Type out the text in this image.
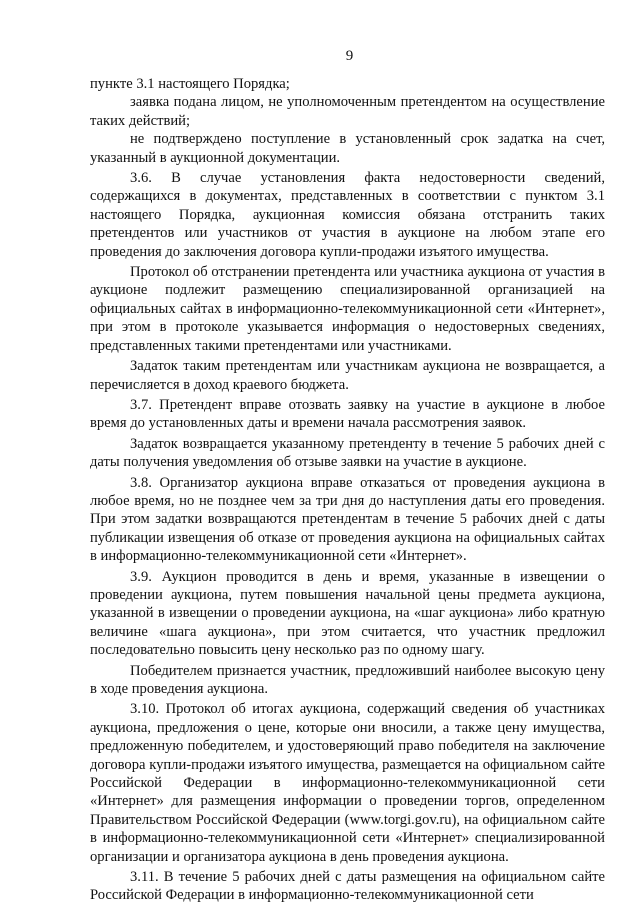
9

пункте 3.1 настоящего Порядка;

заявка подана лицом, не уполномоченным претендентом на осуществление таких действий;

не подтверждено поступление в установленный срок задатка на счет, указанный в аукционной документации.

3.6. В случае установления факта недостоверности сведений, содержащихся в документах, представленных в соответствии с пунктом 3.1 настоящего Порядка, аукционная комиссия обязана отстранить таких претендентов или участников от участия в аукционе на любом этапе его проведения до заключения договора купли-продажи изъятого имущества.

Протокол об отстранении претендента или участника аукциона от участия в аукционе подлежит размещению специализированной организацией на официальных сайтах в информационно-телекоммуникационной сети «Интернет», при этом в протоколе указывается информация о недостоверных сведениях, представленных такими претендентами или участниками.

Задаток таким претендентам или участникам аукциона не возвращается, а перечисляется в доход краевого бюджета.

3.7. Претендент вправе отозвать заявку на участие в аукционе в любое время до установленных даты и времени начала рассмотрения заявок.

Задаток возвращается указанному претенденту в течение 5 рабочих дней с даты получения уведомления об отзыве заявки на участие в аукционе.

3.8. Организатор аукциона вправе отказаться от проведения аукциона в любое время, но не позднее чем за три дня до наступления даты его проведения. При этом задатки возвращаются претендентам в течение 5 рабочих дней с даты публикации извещения об отказе от проведения аукциона на официальных сайтах в информационно-телекоммуникационной сети «Интернет».

3.9. Аукцион проводится в день и время, указанные в извещении о проведении аукциона, путем повышения начальной цены предмета аукциона, указанной в извещении о проведении аукциона, на «шаг аукциона» либо кратную величине «шага аукциона», при этом считается, что участник предложил последовательно повысить цену несколько раз по одному шагу.

Победителем признается участник, предложивший наиболее высокую цену в ходе проведения аукциона.

3.10. Протокол об итогах аукциона, содержащий сведения об участниках аукциона, предложения о цене, которые они вносили, а также цену имущества, предложенную победителем, и удостоверяющий право победителя на заключение договора купли-продажи изъятого имущества, размещается на официальном сайте Российской Федерации в информационно-телекоммуникационной сети «Интернет» для размещения информации о проведении торгов, определенном Правительством Российской Федерации (www.torgi.gov.ru), на официальном сайте в информационно-телекоммуникационной сети «Интернет» специализированной организации и организатора аукциона в день проведения аукциона.

3.11. В течение 5 рабочих дней с даты размещения на официальном сайте Российской Федерации в информационно-телекоммуникационной сети
